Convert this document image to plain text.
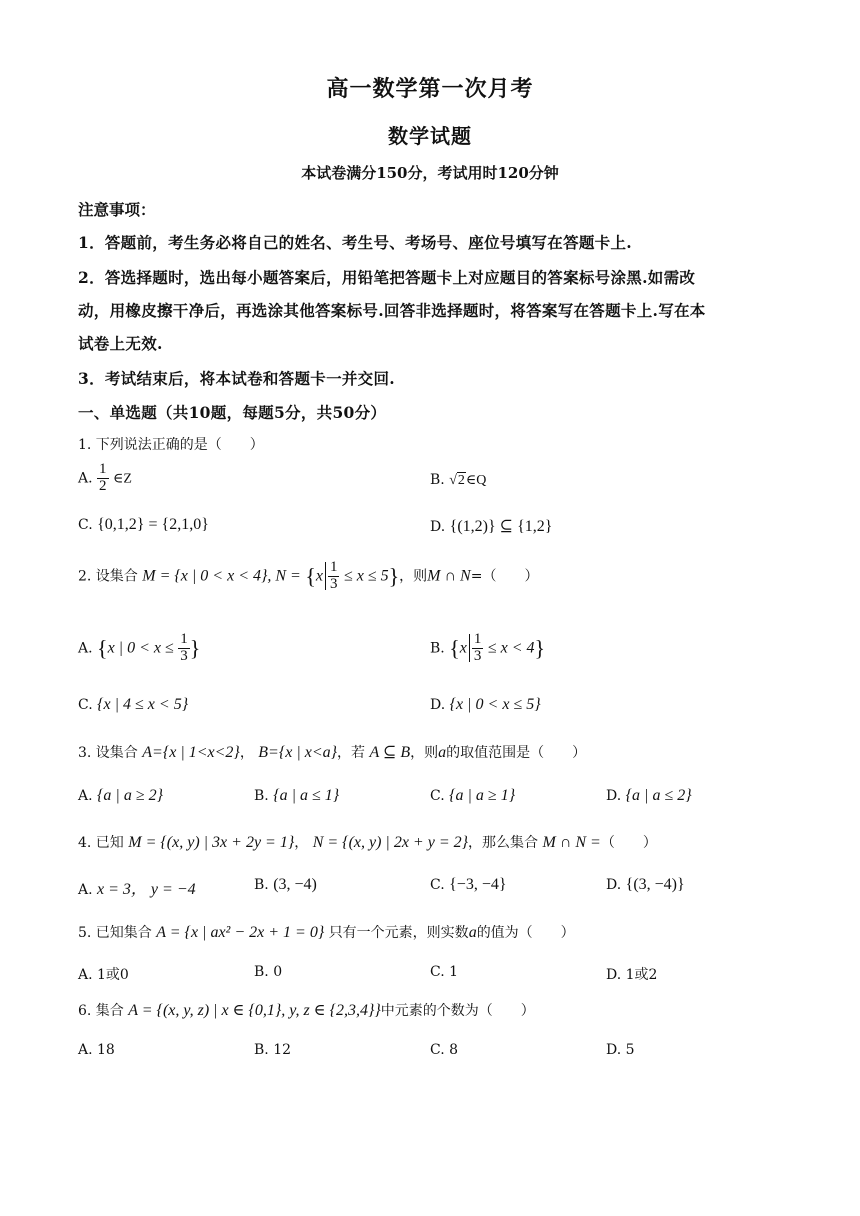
高一数学第一次月考
数学试题
本试卷满分150分，考试用时120分钟
注意事项：
1．答题前，考生务必将自己的姓名、考生号、考场号、座位号填写在答题卡上.
2．答选择题时，选出每小题答案后，用铅笔把答题卡上对应题目的答案标号涂黑.如需改
动，用橡皮擦干净后，再选涂其他答案标号.回答非选择题时，将答案写在答题卡上.写在本
试卷上无效.
3．考试结束后，将本试卷和答题卡一并交回.
一、单选题（共10题，每题5分，共50分）
1. 下列说法正确的是（　　）
A. $\frac{1}{2}$ ∈Z	B. √2∈Q
C. {0,1,2} = {2,1,0}	D. {(1,2)} ⊆ {1,2}
2. 设集合 M = {x | 0 < x < 4}, $N = \{x \frac{1}{3} \le x \le 5\}$，则M ∩ N=（　　）
A. {x | $0 < x \le \frac{1}{3}$ }	B. $\{x \frac{1}{3} \le x < 4\}$
C. {x | 4 ≤ x < 5}	D. {x | 0 < x ≤ 5}
3. 设集合 A={x | 1<x<2}， B={x | x<a}，若 A ⊆ B，则a的取值范围是（　　）
A. {a | a ≥ 2}	B. {a | a ≤ 1}	C. {a | a ≥ 1}	D. {a | a ≤ 2}
4. 已知 M = {(x, y) | 3x + 2y = 1}， N = {(x, y) | 2x + y = 2}，那么集合 M ∩ N =（　　）
A. x = 3， y = −4	B. (3, −4)	C. {−3, −4}	D. {(3, −4)}
5. 已知集合 A = {x | ax² − 2x + 1 = 0} 只有一个元素，则实数a的值为（　　）
A. 1或0	B. 0	C. 1	D. 1或2
6. 集合 A = {(x, y, z) | x ∈ {0,1}, y, z ∈ {2,3,4}}中元素的个数为（　　）
A. 18	B. 12	C. 8	D. 5
